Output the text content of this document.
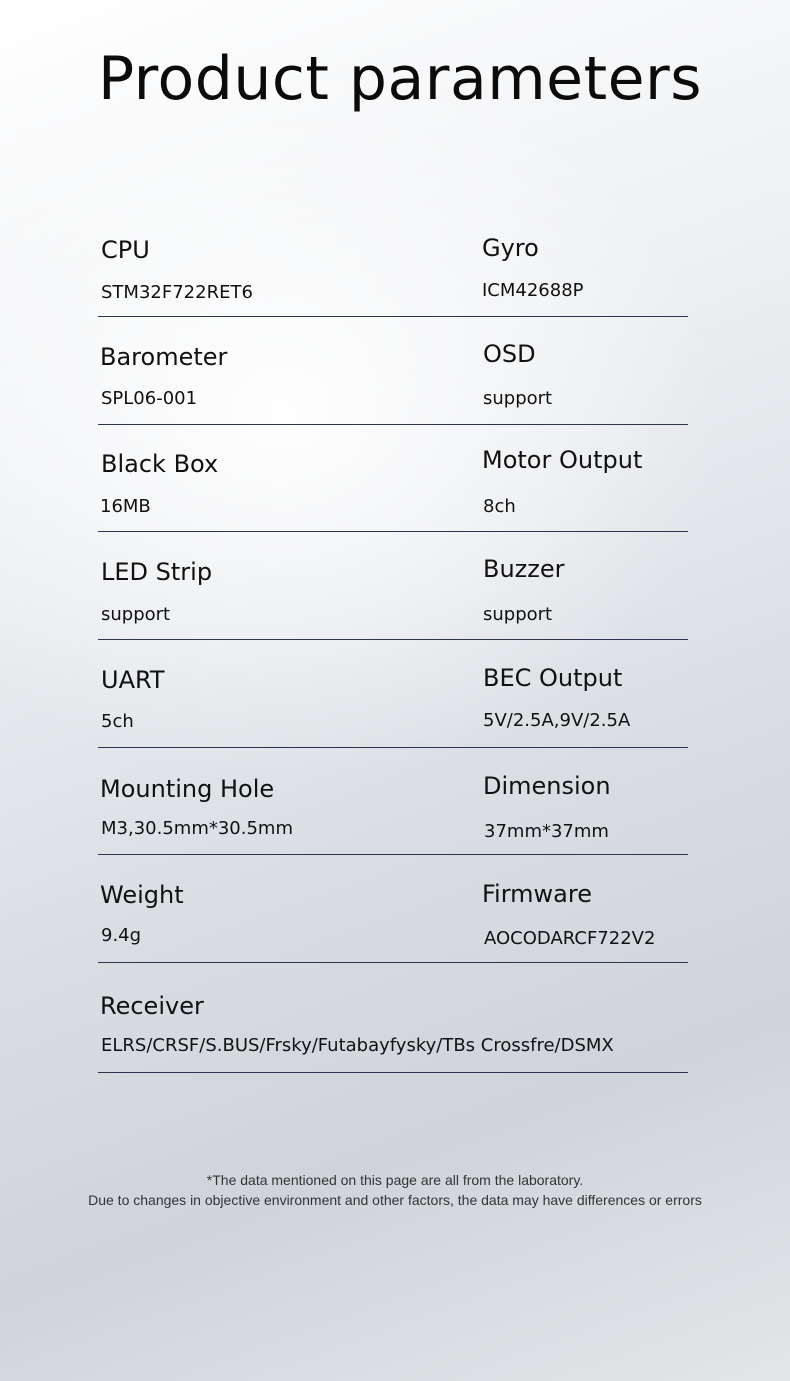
Product parameters
CPU
STM32F722RET6
Gyro
ICM42688P
Barometer
SPL06-001
OSD
support
Black Box
16MB
Motor Output
8ch
LED Strip
support
Buzzer
support
UART
5ch
BEC Output
5V/2.5A,9V/2.5A
Mounting Hole
M3,30.5mm*30.5mm
Dimension
37mm*37mm
Weight
9.4g
Firmware
AOCODARCF722V2
Receiver
ELRS/CRSF/S.BUS/Frsky/Futabayfysky/TBs Crossfre/DSMX
*The data mentioned on this page are all from the laboratory.
Due to changes in objective environment and other factors, the data may have differences or errors
